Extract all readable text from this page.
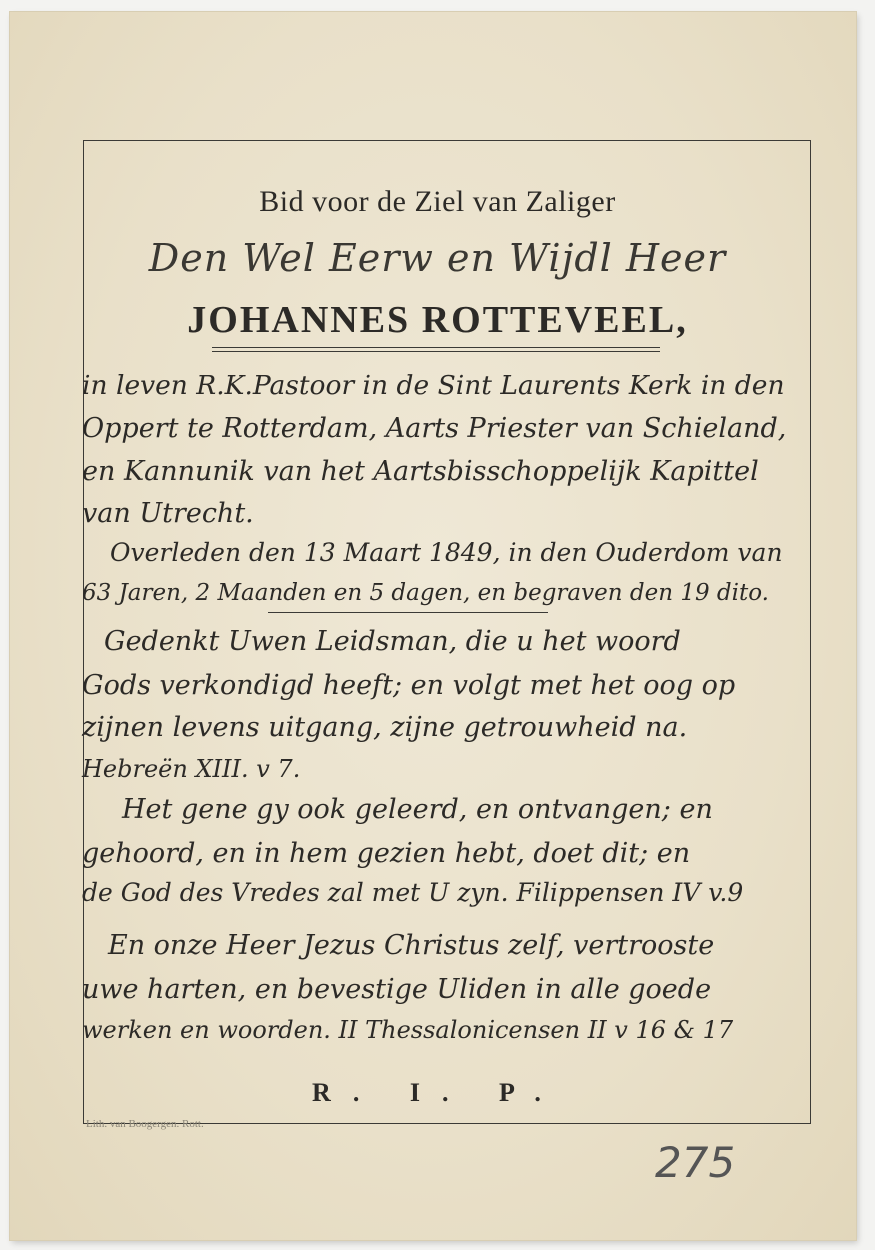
Bid voor de Ziel van Zaliger
Den Wel Eerw en Wijdl Heer
JOHANNES ROTTEVEEL,
in leven R.K.Pastoor in de Sint Laurents Kerk in den
Oppert te Rotterdam, Aarts Priester van Schieland,
en Kannunik van het Aartsbisschoppelijk Kapittel
van Utrecht.
Overleden den 13 Maart 1849, in den Ouderdom van
63 Jaren, 2 Maanden en 5 dagen, en begraven den 19 dito.
Gedenkt Uwen Leidsman, die u het woord
Gods verkondigd heeft; en volgt met het oog op
zijnen levens uitgang, zijne getrouwheid na.
Hebreën XIII. v 7.
Het gene gy ook geleerd, en ontvangen; en
gehoord, en in hem gezien hebt, doet dit; en
de God des Vredes zal met U zyn. Filippensen IV v.9
En onze Heer Jezus Christus zelf, vertrooste
uwe harten, en bevestige Uliden in alle goede
werken en woorden. II Thessalonicensen II v 16 & 17
R. I. P.
Lith. van Boogergen. Rott.
275
